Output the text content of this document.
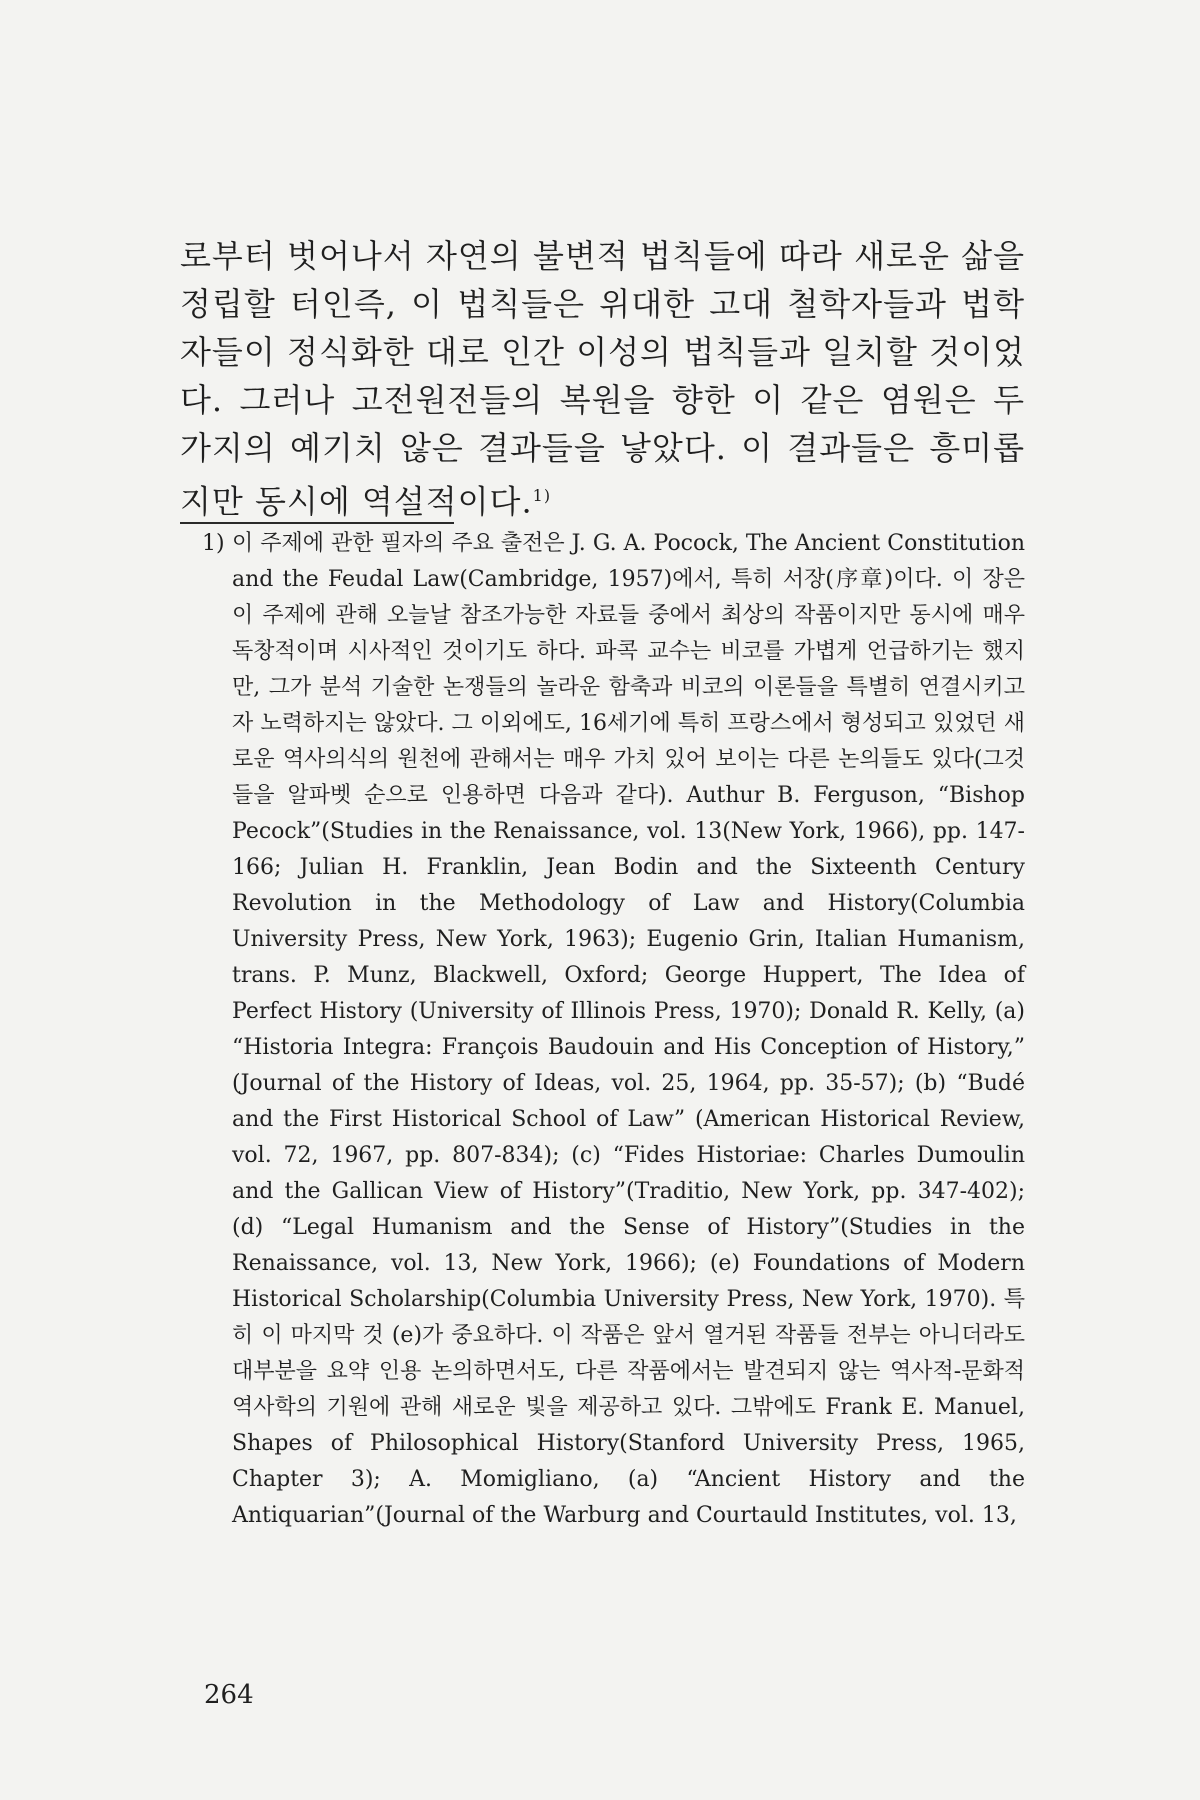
로부터 벗어나서 자연의 불변적 법칙들에 따라 새로운 삶을 정립할 터인즉, 이 법칙들은 위대한 고대 철학자들과 법학자들이 정식화한 대로 인간 이성의 법칙들과 일치할 것이었다. 그러나 고전원전들의 복원을 향한 이 같은 염원은 두 가지의 예기치 않은 결과들을 낳았다. 이 결과들은 흥미롭지만 동시에 역설적이다.$^{1)}$

1) 이 주제에 관한 필자의 주요 출전은 J. G. A. Pocock, The Ancient Constitution and the Feudal Law(Cambridge, 1957)에서, 특히 서장(序章)이다. 이 장은 이 주제에 관해 오늘날 참조가능한 자료들 중에서 최상의 작품이지만 동시에 매우 독창적이며 시사적인 것이기도 하다. 파콕 교수는 비코를 가볍게 언급하기는 했지만, 그가 분석 기술한 논쟁들의 놀라운 함축과 비코의 이론들을 특별히 연결시키고자 노력하지는 않았다. 그 이외에도, 16세기에 특히 프랑스에서 형성되고 있었던 새로운 역사의식의 원천에 관해서는 매우 가치 있어 보이는 다른 논의들도 있다(그것들을 알파벳 순으로 인용하면 다음과 같다). Authur B. Ferguson, “Bishop Pecock”(Studies in the Renaissance, vol. 13(New York, 1966), pp. 147-166; Julian H. Franklin, Jean Bodin and the Sixteenth Century Revolution in the Methodology of Law and History(Columbia University Press, New York, 1963); Eugenio Grin, Italian Humanism, trans. P. Munz, Blackwell, Oxford; George Huppert, The Idea of Perfect History (University of Illinois Press, 1970); Donald R. Kelly, (a) “Historia Integra: François Baudouin and His Conception of History,” (Journal of the History of Ideas, vol. 25, 1964, pp. 35-57); (b) “Budé and the First Historical School of Law” (American Historical Review, vol. 72, 1967, pp. 807-834); (c) “Fides Historiae: Charles Dumoulin and the Gallican View of History”(Traditio, New York, pp. 347-402); (d) “Legal Humanism and the Sense of History”(Studies in the Renaissance, vol. 13, New York, 1966); (e) Foundations of Modern Historical Scholarship(Columbia University Press, New York, 1970). 특히 이 마지막 것 (e)가 중요하다. 이 작품은 앞서 열거된 작품들 전부는 아니더라도 대부분을 요약 인용 논의하면서도, 다른 작품에서는 발견되지 않는 역사적-문화적 역사학의 기원에 관해 새로운 빛을 제공하고 있다. 그밖에도 Frank E. Manuel, Shapes of Philosophical History(Stanford University Press, 1965, Chapter 3); A. Momigliano, (a) “Ancient History and the Antiquarian”(Journal of the Warburg and Courtauld Institutes, vol. 13,

264
